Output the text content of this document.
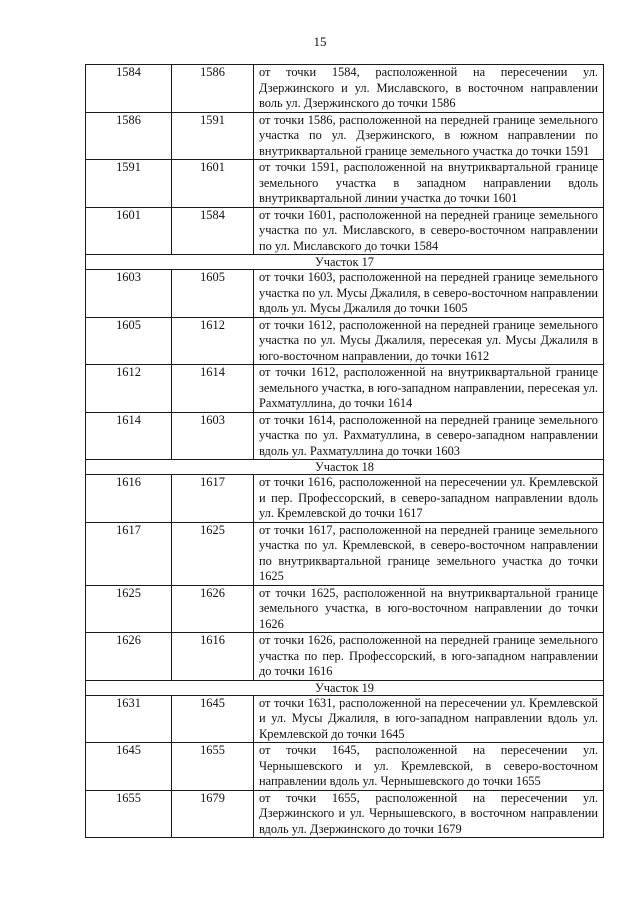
15
1584	1586	от точки 1584, расположенной на пересечении ул. Дзержинского и ул. Миславского, в восточном направлении воль ул. Дзержинского до точки 1586
1586	1591	от точки 1586, расположенной на передней границе земельного участка по ул. Дзержинского, в южном направлении по внутриквартальной границе земельного участка до точки 1591
1591	1601	от точки 1591, расположенной на внутриквартальной границе земельного участка в западном направлении вдоль внутриквартальной линии участка до точки 1601
1601	1584	от точки 1601, расположенной на передней границе земельного участка по ул. Миславского, в северо-восточном направлении по ул. Миславского до точки 1584
Участок 17		
1603	1605	от точки 1603, расположенной на передней границе земельного участка по ул. Мусы Джалиля, в северо-восточном направлении вдоль ул. Мусы Джалиля до точки 1605
1605	1612	от точки 1612, расположенной на передней границе земельного участка по ул. Мусы Джалиля, пересекая ул. Мусы Джалиля в юго-восточном направлении, до точки 1612
1612	1614	от точки 1612, расположенной на внутриквартальной границе земельного участка, в юго-западном направлении, пересекая ул. Рахматуллина, до точки 1614
1614	1603	от точки 1614, расположенной на передней границе земельного участка по ул. Рахматуллина, в северо-западном направлении вдоль ул. Рахматуллина до точки 1603
Участок 18		
1616	1617	от точки 1616, расположенной на пересечении ул. Кремлевской и пер. Профессорский, в северо-западном направлении вдоль ул. Кремлевской до точки 1617
1617	1625	от точки 1617, расположенной на передней границе земельного участка по ул. Кремлевской, в северо-восточном направлении по внутриквартальной границе земельного участка до точки 1625
1625	1626	от точки 1625, расположенной на внутриквартальной границе земельного участка, в юго-восточном направлении до точки 1626
1626	1616	от точки 1626, расположенной на передней границе земельного участка по пер. Профессорский, в юго-западном направлении до точки 1616
Участок 19		
1631	1645	от точки 1631, расположенной на пересечении ул. Кремлевской и ул. Мусы Джалиля, в юго-западном направлении вдоль ул. Кремлевской до точки 1645
1645	1655	от точки 1645, расположенной на пересечении ул. Чернышевского и ул. Кремлевской, в северо-восточном направлении вдоль ул. Чернышевского до точки 1655
1655	1679	от точки 1655, расположенной на пересечении ул. Дзержинского и ул. Чернышевского, в восточном направлении вдоль ул. Дзержинского до точки 1679
